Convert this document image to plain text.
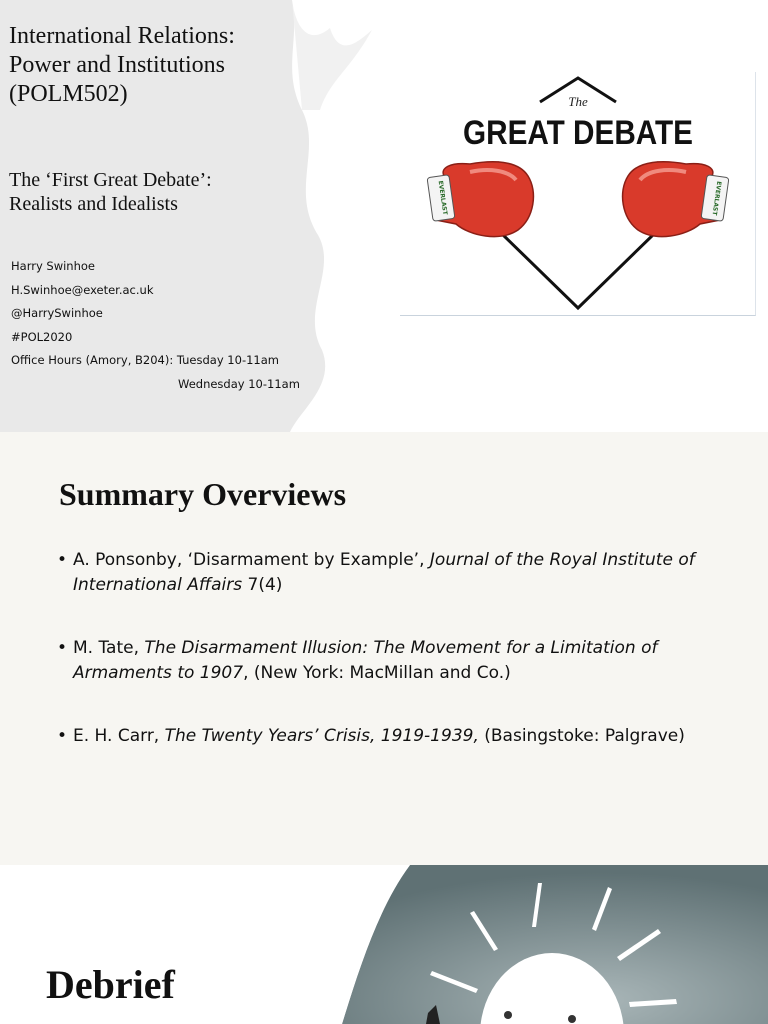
International Relations:
Power and Institutions
(POLM502)
The ‘First Great Debate’:
Realists and Idealists
Harry Swinhoe
H.Swinhoe@exeter.ac.uk
@HarrySwinhoe
#POL2020
Office Hours (Amory, B204): Tuesday 10-11am
Wednesday 10-11am
The
GREAT DEBATE
EVERLAST	EVERLAST
Summary Overviews
• A. Ponsonby, ‘Disarmament by Example’, Journal of the Royal Institute of International Affairs 7(4)
• M. Tate, The Disarmament Illusion: The Movement for a Limitation of Armaments to 1907, (New York: MacMillan and Co.)
• E. H. Carr, The Twenty Years’ Crisis, 1919-1939, (Basingstoke: Palgrave)
Debrief
